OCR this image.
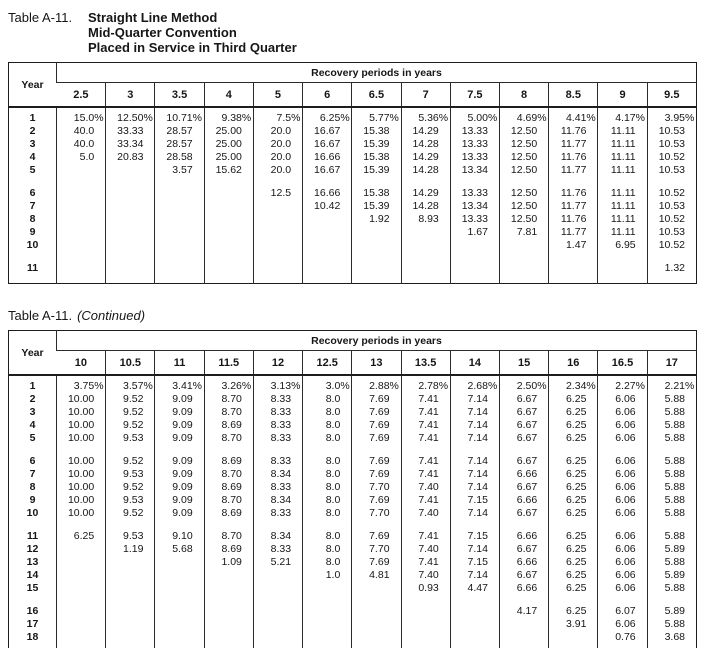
Table A-11.	Straight Line Method
Mid-Quarter Convention
Placed in Service in Third Quarter
Year	Recovery periods in years												
	2.5	3	3.5	4	5	6	6.5	7	7.5	8	8.5	9	9.5

1	15.0%	12.50%	10.71%	9.38%	7.5%	6.25%	5.77%	5.36%	5.00%	4.69%	4.41%	4.17%	3.95%
2	40.0	33.33	28.57	25.00	20.0	16.67	15.38	14.29	13.33	12.50	11.76	11.11	10.53
3	40.0	33.34	28.57	25.00	20.0	16.67	15.39	14.28	13.33	12.50	11.77	11.11	10.53
4	5.0	20.83	28.58	25.00	20.0	16.66	15.38	14.29	13.33	12.50	11.76	11.11	10.52
5			3.57	15.62	20.0	16.67	15.39	14.28	13.34	12.50	11.77	11.11	10.53

6					12.5	16.66	15.38	14.29	13.33	12.50	11.76	11.11	10.52
7						10.42	15.39	14.28	13.34	12.50	11.77	11.11	10.53
8							1.92	8.93	13.33	12.50	11.76	11.11	10.52
9									1.67	7.81	11.77	11.11	10.53
10											1.47	6.95	10.52

11													1.32

Table A-11. (Continued)
Year	Recovery periods in years												
	10	10.5	11	11.5	12	12.5	13	13.5	14	15	16	16.5	17

1	3.75%	3.57%	3.41%	3.26%	3.13%	3.0%	2.88%	2.78%	2.68%	2.50%	2.34%	2.27%	2.21%
2	10.00	9.52	9.09	8.70	8.33	8.0	7.69	7.41	7.14	6.67	6.25	6.06	5.88
3	10.00	9.52	9.09	8.70	8.33	8.0	7.69	7.41	7.14	6.67	6.25	6.06	5.88
4	10.00	9.52	9.09	8.69	8.33	8.0	7.69	7.41	7.14	6.67	6.25	6.06	5.88
5	10.00	9.53	9.09	8.70	8.33	8.0	7.69	7.41	7.14	6.67	6.25	6.06	5.88

6	10.00	9.52	9.09	8.69	8.33	8.0	7.69	7.41	7.14	6.67	6.25	6.06	5.88
7	10.00	9.53	9.09	8.70	8.34	8.0	7.69	7.41	7.14	6.66	6.25	6.06	5.88
8	10.00	9.52	9.09	8.69	8.33	8.0	7.70	7.40	7.14	6.67	6.25	6.06	5.88
9	10.00	9.53	9.09	8.70	8.34	8.0	7.69	7.41	7.15	6.66	6.25	6.06	5.88
10	10.00	9.52	9.09	8.69	8.33	8.0	7.70	7.40	7.14	6.67	6.25	6.06	5.88

11	6.25	9.53	9.10	8.70	8.34	8.0	7.69	7.41	7.15	6.66	6.25	6.06	5.88
12		1.19	5.68	8.69	8.33	8.0	7.70	7.40	7.14	6.67	6.25	6.06	5.89
13				1.09	5.21	8.0	7.69	7.41	7.15	6.66	6.25	6.06	5.88
14						1.0	4.81	7.40	7.14	6.67	6.25	6.06	5.89
15								0.93	4.47	6.66	6.25	6.06	5.88

16										4.17	6.25	6.07	5.89
17											3.91	6.06	5.88
18												0.76	3.68
